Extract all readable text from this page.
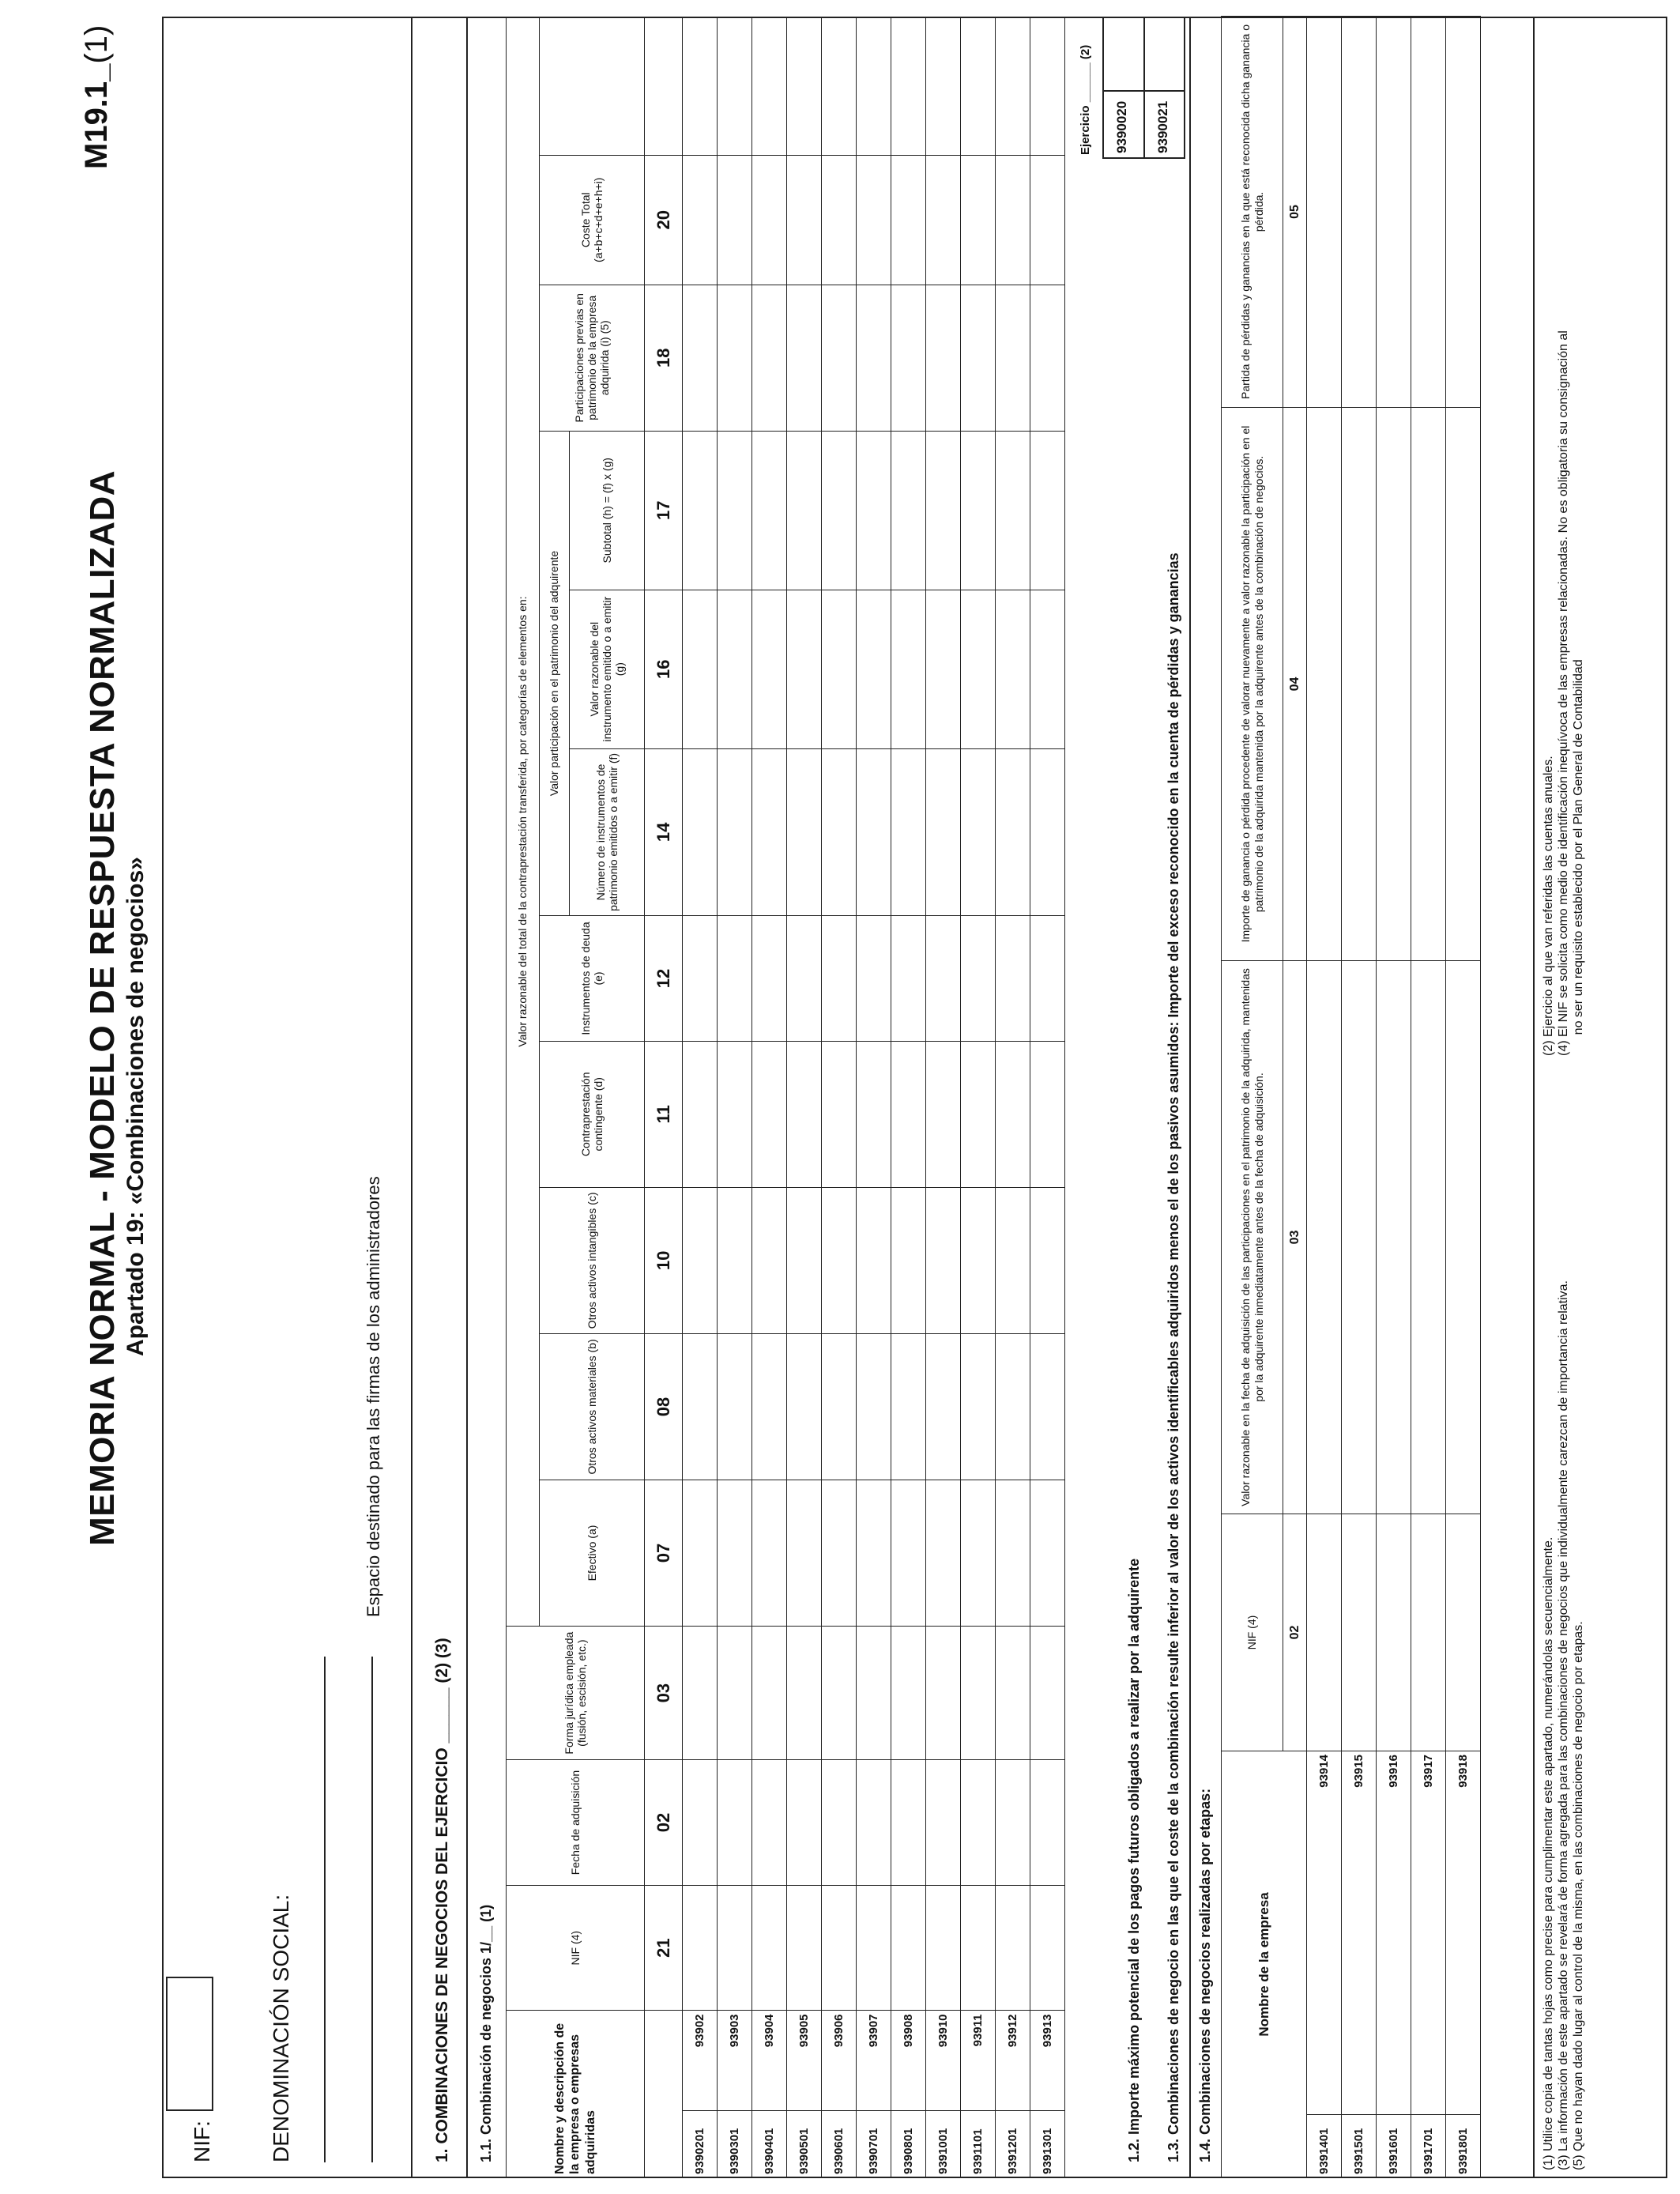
MEMORIA NORMAL - MODELO DE RESPUESTA NORMALIZADA Apartado 19: «Combinaciones de negocios»
M19.1_(1)
NIF: DENOMINACIÓN SOCIAL:
Espacio destinado para las firmas de los administradores
1. COMBINACIONES DE NEGOCIOS DEL EJERCICIO ______ (2) (3) 1.1. Combinación de negocios 1/__ (1)	Nombre y descripción de la empresa o empresas adquiridas		NIF (4)	Fecha de adquisición	Forma jurídica empleada (fusión, escisión, etc.)	Valor razonable del total de la contraprestación transferida, por categorías de elementos en:										
					Efectivo (a)	Otros activos materiales (b)	Otros activos intangibles (c)	Contraprestación contingente (d)	Instrumentos de deuda (e)	Valor participación en el patrimonio del adquirente			Participaciones previas en patrimonio de la empresa adquirida (i) (5)	Coste Total (a+b+c+d+e+h+i)	
										Número de instrumentos de patrimonio emitidos o a emitir (f)	Valor razonable del instrumento emitido o a emitir (g)	Subtotal (h) = (f) x (g)			
		21	02	03	07	08	10	11	12	14	16	17	18	20	
9390201	93902														
9390301	93903														
9390401	93904														
9390501	93905														
9390601	93906														
9390701	93907														
9390801	93908														
9391001	93910														
9391101	93911														
9391201	93912														
9391301	93913															1.2. Importe máximo potencial de los pagos futuros obligados a realizar por la adquirente 1.3. Combinaciones de negocio en las que el coste de la combinación resulte inferior al valor de los activos identificables adquiridos menos el de los pasivos asumidos: Importe del exceso reconocido en la cuenta de pérdidas y ganancias
Ejercicio ______ (2) 9390020 9390021
1.4. Combinaciones de negocios realizadas por etapas:	Nombre de la empresa		NIF (4)	Valor razonable en la fecha de adquisición de las participaciones en el patrimonio de la adquirida, mantenidas por la adquirente inmediatamente antes de la fecha de adquisición.	Importe de ganancia o pérdida procedente de valorar nuevamente a valor razonable la participación en el patrimonio de la adquirida mantenida por la adquirente antes de la combinación de negocios.	Partida de pérdidas y ganancias en la que está reconocida dicha ganancia o pérdida.
		02	03	04	05
9391401	93914				
9391501	93915				
9391601	93916				
9391701	93917				
9391801	93918					(1) Utilice copia de tantas hojas como precise para cumplimentar este apartado, numerándolas secuencialmente. (3) La información de este apartado se revelará de forma agregada para las combinaciones de negocios que individualmente carezcan de importancia relativa. (5) Que no hayan dado lugar al control de la misma, en las combinaciones de negocio por etapas.
(2) Ejercicio al que van referidas las cuentas anuales. (4) El NIF se solicita como medio de identificación inequívoca de las empresas relacionadas. No es obligatoria su consignación al no ser un requisito establecido por el Plan General de Contabilidad
